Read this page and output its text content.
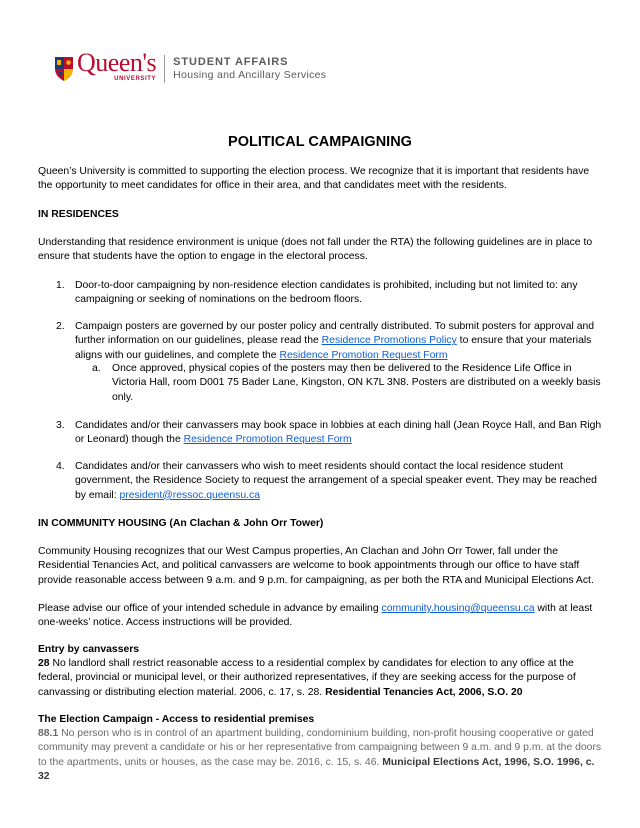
Queen's
UNIVERSITY
STUDENT AFFAIRS
Housing and Ancillary Services
POLITICAL CAMPAIGNING
Queen’s University is committed to supporting the election process. We recognize that it is important that residents have the opportunity to meet candidates for office in their area, and that candidates meet with the residents.
IN RESIDENCES
Understanding that residence environment is unique (does not fall under the RTA) the following guidelines are in place to ensure that students have the option to engage in the electoral process.
1. Door-to-door campaigning by non-residence election candidates is prohibited, including but not limited to: any campaigning or seeking of nominations on the bedroom floors.
2. Campaign posters are governed by our poster policy and centrally distributed. To submit posters for approval and further information on our guidelines, please read the Residence Promotions Policy to ensure that your materials aligns with our guidelines, and complete the Residence Promotion Request Form
a. Once approved, physical copies of the posters may then be delivered to the Residence Life Office in Victoria Hall, room D001 75 Bader Lane, Kingston, ON K7L 3N8. Posters are distributed on a weekly basis only.
3. Candidates and/or their canvassers may book space in lobbies at each dining hall (Jean Royce Hall, and Ban Righ or Leonard) though the Residence Promotion Request Form
4. Candidates and/or their canvassers who wish to meet residents should contact the local residence student government, the Residence Society to request the arrangement of a special speaker event. They may be reached by email: president@ressoc.queensu.ca
IN COMMUNITY HOUSING (An Clachan & John Orr Tower)
Community Housing recognizes that our West Campus properties, An Clachan and John Orr Tower, fall under the Residential Tenancies Act, and political canvassers are welcome to book appointments through our office to have staff provide reasonable access between 9 a.m. and 9 p.m. for campaigning, as per both the RTA and Municipal Elections Act.
Please advise our office of your intended schedule in advance by emailing community.housing@queensu.ca with at least one-weeks’ notice. Access instructions will be provided.
Entry by canvassers
28 No landlord shall restrict reasonable access to a residential complex by candidates for election to any office at the federal, provincial or municipal level, or their authorized representatives, if they are seeking access for the purpose of canvassing or distributing election material. 2006, c. 17, s. 28. Residential Tenancies Act, 2006, S.O. 20
The Election Campaign - Access to residential premises
88.1 No person who is in control of an apartment building, condominium building, non-profit housing cooperative or gated community may prevent a candidate or his or her representative from campaigning between 9 a.m. and 9 p.m. at the doors to the apartments, units or houses, as the case may be. 2016, c. 15, s. 46. Municipal Elections Act, 1996, S.O. 1996, c. 32
